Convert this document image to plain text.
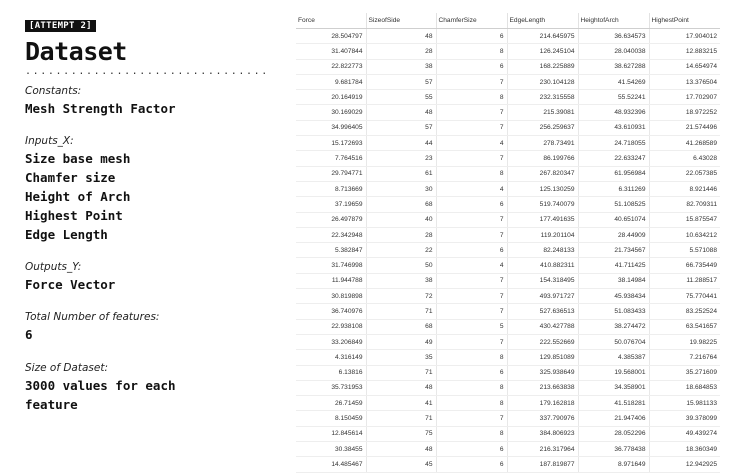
[ATTEMPT 2]
Dataset
................................
Constants:
Mesh Strength Factor
Inputs_X:
Size base mesh
Chamfer size
Height of Arch
Highest Point
Edge Length
Outputs_Y:
Force Vector
Total Number of features:
6
Size of Dataset:
3000 values for each
feature
Force	SizeofSide	ChamferSize	EdgeLength	HeightofArch	HighestPoint
28.504797	48	6	214.645975	36.634573	17.904012
31.407844	28	8	126.245104	28.040038	12.883215
22.822773	38	6	168.225889	38.627288	14.654974
9.681784	57	7	230.104128	41.54269	13.376504
20.164919	55	8	232.315558	55.52241	17.702907
30.169029	48	7	215.39081	48.932396	18.972252
34.996405	57	7	256.259637	43.610931	21.574496
15.172693	44	4	278.73491	24.718055	41.268589
7.764516	23	7	86.199766	22.633247	6.43028
29.794771	61	8	267.820347	61.956984	22.057385
8.713669	30	4	125.130259	6.311269	8.921446
37.19659	68	6	519.740079	51.108525	82.709311
26.497879	40	7	177.491635	40.651074	15.875547
22.342948	28	7	119.201104	28.44909	10.634212
5.382847	22	6	82.248133	21.734567	5.571088
31.746998	50	4	410.882311	41.711425	66.735449
11.944788	38	7	154.318495	38.14984	11.288517
30.819898	72	7	493.971727	45.938434	75.770441
36.740976	71	7	527.636513	51.083433	83.252524
22.938108	68	5	430.427788	38.274472	63.541657
33.206849	49	7	222.552669	50.076704	19.98225
4.316149	35	8	129.851089	4.385387	7.216764
6.13816	71	6	325.938649	19.568001	35.271609
35.731953	48	8	213.663838	34.358901	18.684853
26.71459	41	8	179.162818	41.518281	15.981133
8.150459	71	7	337.790976	21.947406	39.378099
12.845614	75	8	384.806923	28.052296	49.439274
30.38455	48	6	216.317964	36.778438	18.360349
14.485467	45	6	187.819877	8.971649	12.942925
